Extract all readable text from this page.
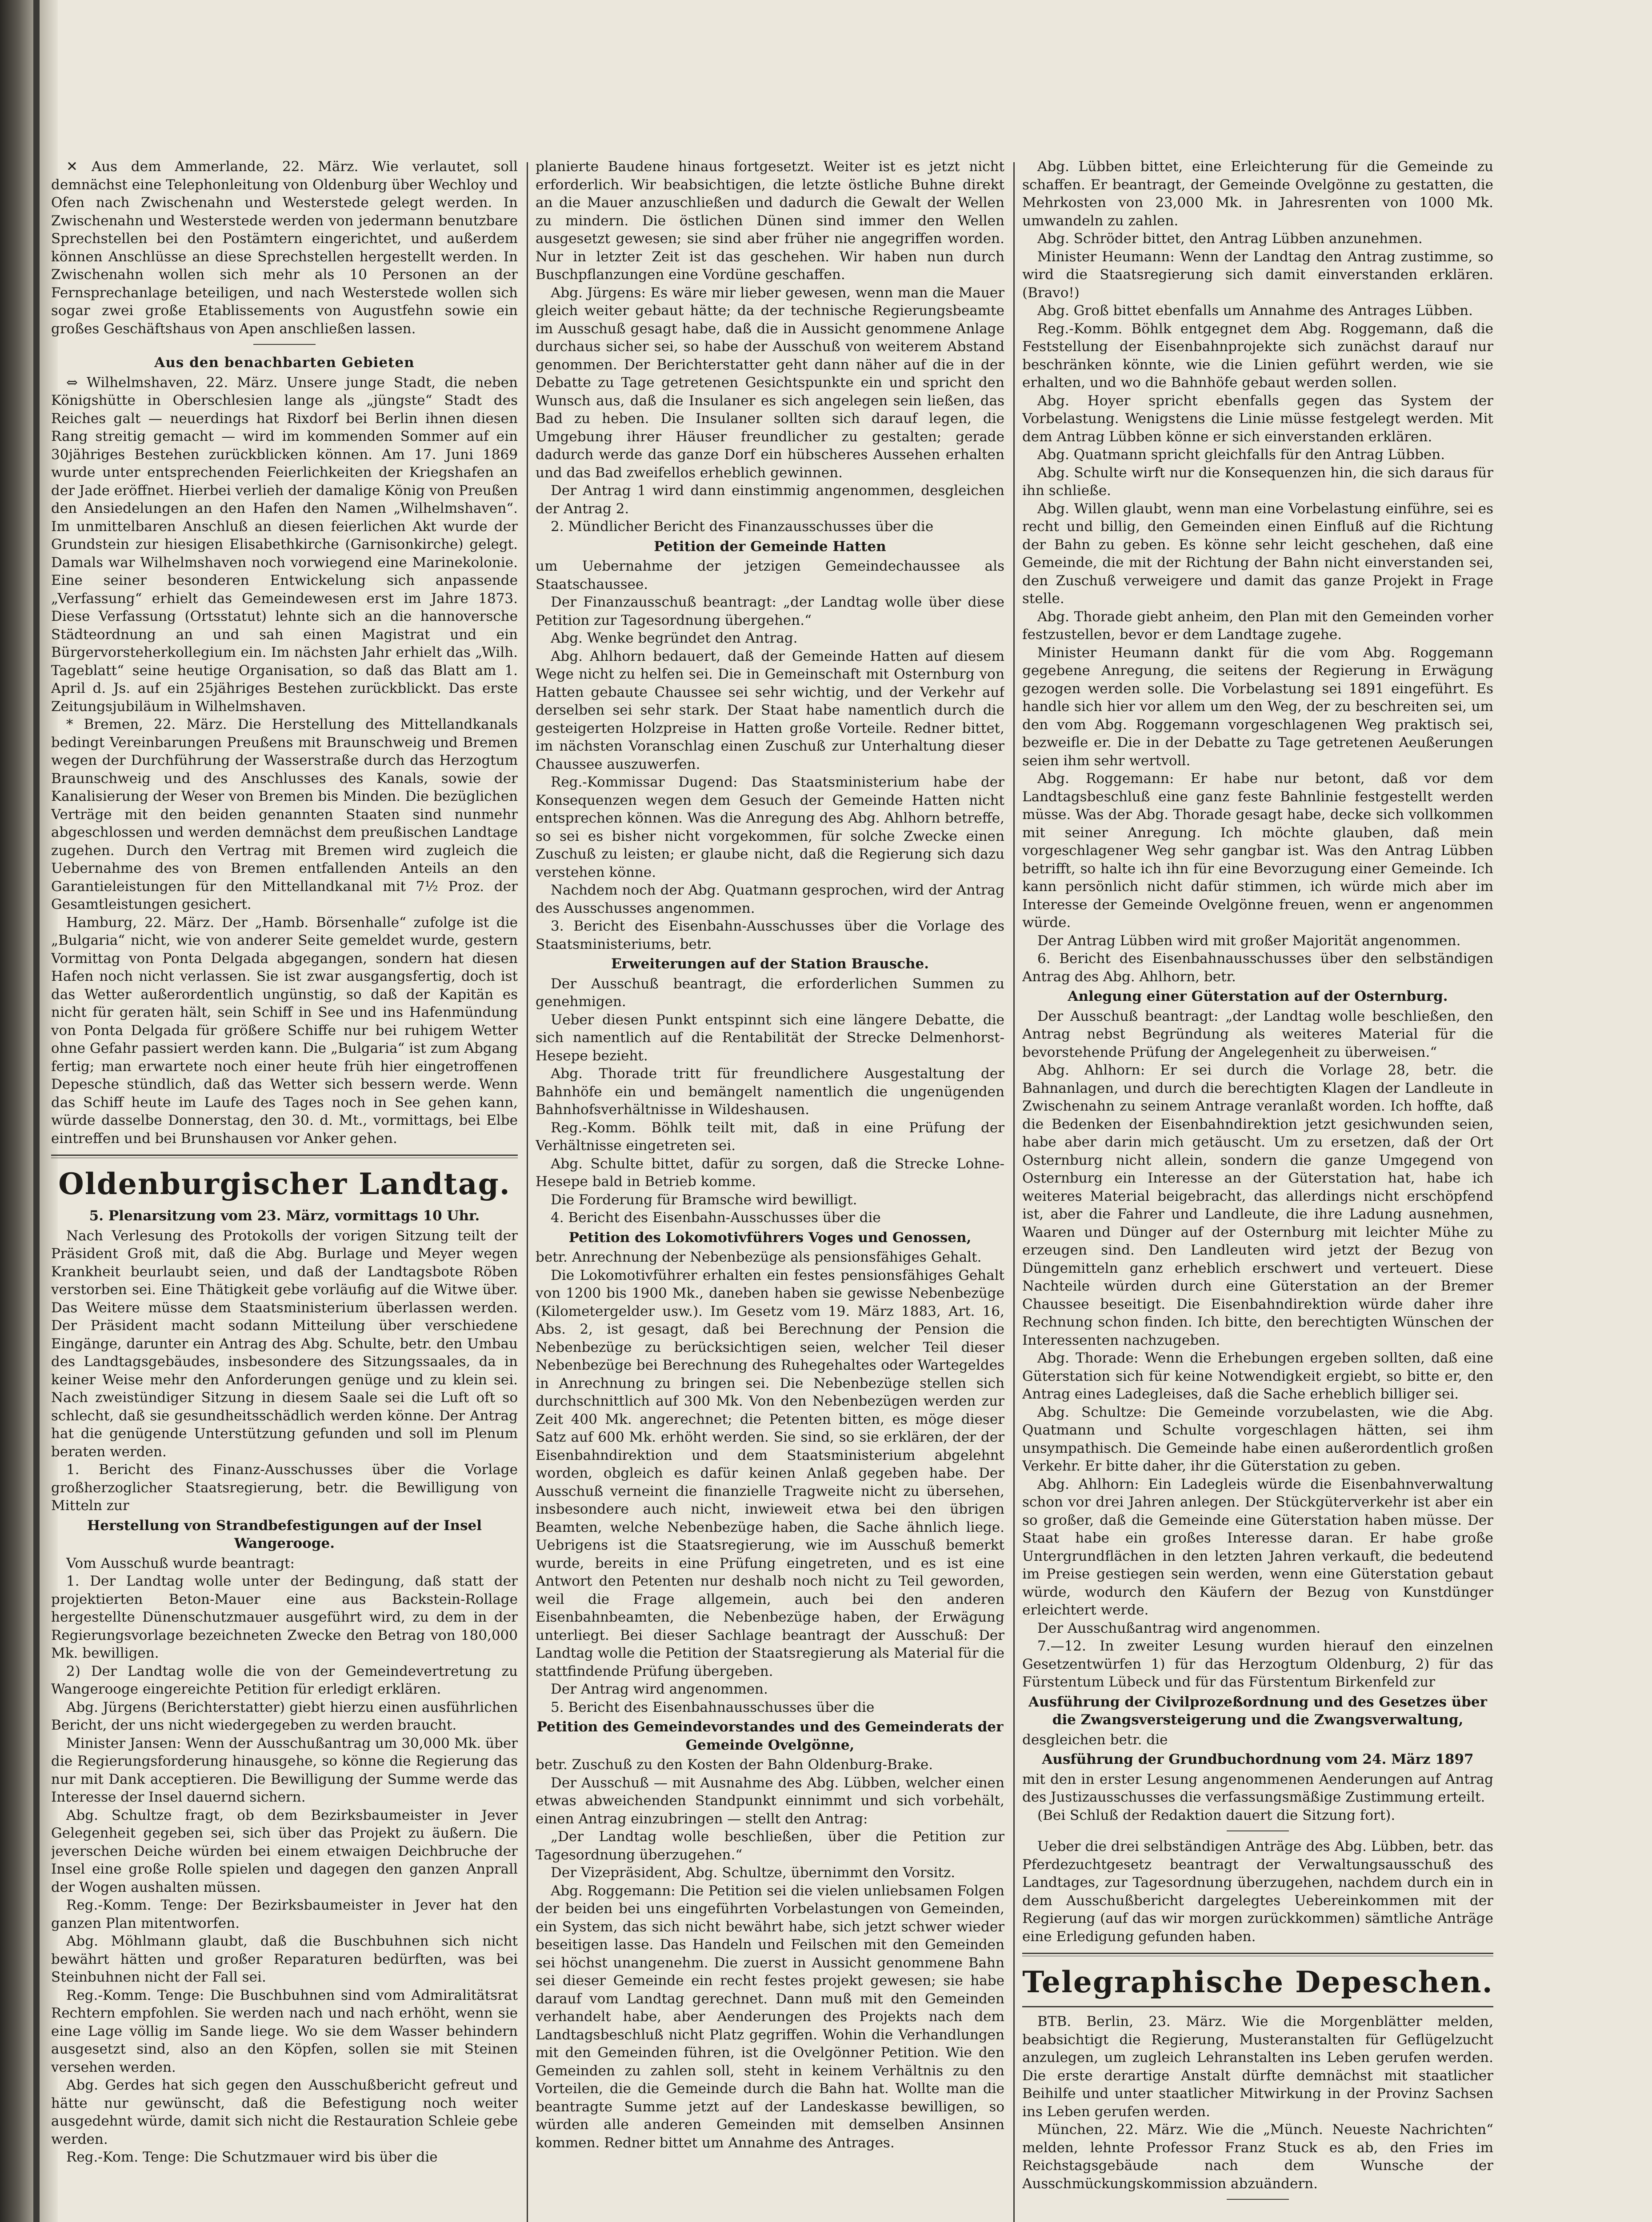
✕ Aus dem Ammerlande, 22. März. Wie verlautet, soll demnächst eine Telephonleitung von Oldenburg über Wechloy und Ofen nach Zwischenahn und Westerstede gelegt werden. In Zwischenahn und Westerstede werden von jedermann benutzbare Sprechstellen bei den Postämtern eingerichtet, und außerdem können Anschlüsse an diese Sprechstellen hergestellt werden. In Zwischenahn wollen sich mehr als 10 Personen an der Fernsprechanlage beteiligen, und nach Westerstede wollen sich sogar zwei große Etablissements von Augustfehn sowie ein großes Geschäftshaus von Apen anschließen lassen.

Aus den benachbarten Gebieten

⇔ Wilhelmshaven, 22. März. Unsere junge Stadt, die neben Königshütte in Oberschlesien lange als „jüngste“ Stadt des Reiches galt — neuerdings hat Rixdorf bei Berlin ihnen diesen Rang streitig gemacht — wird im kommenden Sommer auf ein 30jähriges Bestehen zurückblicken können. Am 17. Juni 1869 wurde unter entsprechenden Feierlichkeiten der Kriegshafen an der Jade eröffnet. Hierbei verlieh der damalige König von Preußen den Ansiedelungen an den Hafen den Namen „Wilhelmshaven“. Im unmittelbaren Anschluß an diesen feierlichen Akt wurde der Grundstein zur hiesigen Elisabethkirche (Garnisonkirche) gelegt. Damals war Wilhelmshaven noch vorwiegend eine Marinekolonie. Eine seiner besonderen Entwickelung sich anpassende „Verfassung“ erhielt das Gemeindewesen erst im Jahre 1873. Diese Verfassung (Ortsstatut) lehnte sich an die hannoversche Städteordnung an und sah einen Magistrat und ein Bürgervorsteherkollegium ein. Im nächsten Jahr erhielt das „Wilh. Tageblatt“ seine heutige Organisation, so daß das Blatt am 1. April d. Js. auf ein 25jähriges Bestehen zurückblickt. Das erste Zeitungsjubiläum in Wilhelmshaven.

* Bremen, 22. März. Die Herstellung des Mittellandkanals bedingt Vereinbarungen Preußens mit Braunschweig und Bremen wegen der Durchführung der Wasserstraße durch das Herzogtum Braunschweig und des Anschlusses des Kanals, sowie der Kanalisierung der Weser von Bremen bis Minden. Die bezüglichen Verträge mit den beiden genannten Staaten sind nunmehr abgeschlossen und werden demnächst dem preußischen Landtage zugehen. Durch den Vertrag mit Bremen wird zugleich die Uebernahme des von Bremen entfallenden Anteils an den Garantieleistungen für den Mittellandkanal mit 7½ Proz. der Gesamtleistungen gesichert.

Hamburg, 22. März. Der „Hamb. Börsenhalle“ zufolge ist die „Bulgaria“ nicht, wie von anderer Seite gemeldet wurde, gestern Vormittag von Ponta Delgada abgegangen, sondern hat diesen Hafen noch nicht verlassen. Sie ist zwar ausgangsfertig, doch ist das Wetter außerordentlich ungünstig, so daß der Kapitän es nicht für geraten hält, sein Schiff in See und ins Hafenmündung von Ponta Delgada für größere Schiffe nur bei ruhigem Wetter ohne Gefahr passiert werden kann. Die „Bulgaria“ ist zum Abgang fertig; man erwartete noch einer heute früh hier eingetroffenen Depesche stündlich, daß das Wetter sich bessern werde. Wenn das Schiff heute im Laufe des Tages noch in See gehen kann, würde dasselbe Donnerstag, den 30. d. Mt., vormittags, bei Elbe eintreffen und bei Brunshausen vor Anker gehen.

Oldenburgischer Landtag.
5. Plenarsitzung vom 23. März, vormittags 10 Uhr.

Nach Verlesung des Protokolls der vorigen Sitzung teilt der Präsident Groß mit, daß die Abg. Burlage und Meyer wegen Krankheit beurlaubt seien, und daß der Landtagsbote Röben verstorben sei. Eine Thätigkeit gebe vorläufig auf die Witwe über. Das Weitere müsse dem Staatsministerium überlassen werden. Der Präsident macht sodann Mitteilung über verschiedene Eingänge, darunter ein Antrag des Abg. Schulte, betr. den Umbau des Landtagsgebäudes, insbesondere des Sitzungssaales, da in keiner Weise mehr den Anforderungen genüge und zu klein sei. Nach zweistündiger Sitzung in diesem Saale sei die Luft oft so schlecht, daß sie gesundheitsschädlich werden könne. Der Antrag hat die genügende Unterstützung gefunden und soll im Plenum beraten werden.

1. Bericht des Finanz-Ausschusses über die Vorlage großherzoglicher Staatsregierung, betr. die Bewilligung von Mitteln zur

Herstellung von Strandbefestigungen auf der Insel Wangerooge.

Vom Ausschuß wurde beantragt:

1. Der Landtag wolle unter der Bedingung, daß statt der projektierten Beton-Mauer eine aus Backstein-Rollage hergestellte Dünenschutzmauer ausgeführt wird, zu dem in der Regierungsvorlage bezeichneten Zwecke den Betrag von 180,000 Mk. bewilligen.

2) Der Landtag wolle die von der Gemeindevertretung zu Wangerooge eingereichte Petition für erledigt erklären.

Abg. Jürgens (Berichterstatter) giebt hierzu einen ausführlichen Bericht, der uns nicht wiedergegeben zu werden braucht.

Minister Jansen: Wenn der Ausschußantrag um 30,000 Mk. über die Regierungsforderung hinausgehe, so könne die Regierung das nur mit Dank acceptieren. Die Bewilligung der Summe werde das Interesse der Insel dauernd sichern.

Abg. Schultze fragt, ob dem Bezirksbaumeister in Jever Gelegenheit gegeben sei, sich über das Projekt zu äußern. Die jeverschen Deiche würden bei einem etwaigen Deichbruche der Insel eine große Rolle spielen und dagegen den ganzen Anprall der Wogen aushalten müssen.

Reg.-Komm. Tenge: Der Bezirksbaumeister in Jever hat den ganzen Plan mitentworfen.

Abg. Möhlmann glaubt, daß die Buschbuhnen sich nicht bewährt hätten und großer Reparaturen bedürften, was bei Steinbuhnen nicht der Fall sei.

Reg.-Komm. Tenge: Die Buschbuhnen sind vom Admiralitätsrat Rechtern empfohlen. Sie werden nach und nach erhöht, wenn sie eine Lage völlig im Sande liege. Wo sie dem Wasser behindern ausgesetzt sind, also an den Köpfen, sollen sie mit Steinen versehen werden.

Abg. Gerdes hat sich gegen den Ausschußbericht gefreut und hätte nur gewünscht, daß die Befestigung noch weiter ausgedehnt würde, damit sich nicht die Restauration Schleie gebe werden.

Reg.-Kom. Tenge: Die Schutzmauer wird bis über die

planierte Baudene hinaus fortgesetzt. Weiter ist es jetzt nicht erforderlich. Wir beabsichtigen, die letzte östliche Buhne direkt an die Mauer anzuschließen und dadurch die Gewalt der Wellen zu mindern. Die östlichen Dünen sind immer den Wellen ausgesetzt gewesen; sie sind aber früher nie angegriffen worden. Nur in letzter Zeit ist das geschehen. Wir haben nun durch Buschpflanzungen eine Vordüne geschaffen.

Abg. Jürgens: Es wäre mir lieber gewesen, wenn man die Mauer gleich weiter gebaut hätte; da der technische Regierungsbeamte im Ausschuß gesagt habe, daß die in Aussicht genommene Anlage durchaus sicher sei, so habe der Ausschuß von weiterem Abstand genommen. Der Berichterstatter geht dann näher auf die in der Debatte zu Tage getretenen Gesichtspunkte ein und spricht den Wunsch aus, daß die Insulaner es sich angelegen sein ließen, das Bad zu heben. Die Insulaner sollten sich darauf legen, die Umgebung ihrer Häuser freundlicher zu gestalten; gerade dadurch werde das ganze Dorf ein hübscheres Aussehen erhalten und das Bad zweifellos erheblich gewinnen.

Der Antrag 1 wird dann einstimmig angenommen, desgleichen der Antrag 2.

2. Mündlicher Bericht des Finanzausschusses über die

Petition der Gemeinde Hatten

um Uebernahme der jetzigen Gemeindechaussee als Staatschaussee.

Der Finanzausschuß beantragt: „der Landtag wolle über diese Petition zur Tagesordnung übergehen.“

Abg. Wenke begründet den Antrag.

Abg. Ahlhorn bedauert, daß der Gemeinde Hatten auf diesem Wege nicht zu helfen sei. Die in Gemeinschaft mit Osternburg von Hatten gebaute Chaussee sei sehr wichtig, und der Verkehr auf derselben sei sehr stark. Der Staat habe namentlich durch die gesteigerten Holzpreise in Hatten große Vorteile. Redner bittet, im nächsten Voranschlag einen Zuschuß zur Unterhaltung dieser Chaussee auszuwerfen.

Reg.-Kommissar Dugend: Das Staatsministerium habe der Konsequenzen wegen dem Gesuch der Gemeinde Hatten nicht entsprechen können. Was die Anregung des Abg. Ahlhorn betreffe, so sei es bisher nicht vorgekommen, für solche Zwecke einen Zuschuß zu leisten; er glaube nicht, daß die Regierung sich dazu verstehen könne.

Nachdem noch der Abg. Quatmann gesprochen, wird der Antrag des Ausschusses angenommen.

3. Bericht des Eisenbahn-Ausschusses über die Vorlage des Staatsministeriums, betr.

Erweiterungen auf der Station Brausche.

Der Ausschuß beantragt, die erforderlichen Summen zu genehmigen.

Ueber diesen Punkt entspinnt sich eine längere Debatte, die sich namentlich auf die Rentabilität der Strecke Delmenhorst-Hesepe bezieht.

Abg. Thorade tritt für freundlichere Ausgestaltung der Bahnhöfe ein und bemängelt namentlich die ungenügenden Bahnhofsverhältnisse in Wildeshausen.

Reg.-Komm. Böhlk teilt mit, daß in eine Prüfung der Verhältnisse eingetreten sei.

Abg. Schulte bittet, dafür zu sorgen, daß die Strecke Lohne-Hesepe bald in Betrieb komme.

Die Forderung für Bramsche wird bewilligt.

4. Bericht des Eisenbahn-Ausschusses über die

Petition des Lokomotivführers Voges und Genossen,

betr. Anrechnung der Nebenbezüge als pensionsfähiges Gehalt.

Die Lokomotivführer erhalten ein festes pensionsfähiges Gehalt von 1200 bis 1900 Mk., daneben haben sie gewisse Nebenbezüge (Kilometergelder usw.). Im Gesetz vom 19. März 1883, Art. 16, Abs. 2, ist gesagt, daß bei Berechnung der Pension die Nebenbezüge zu berücksichtigen seien, welcher Teil dieser Nebenbezüge bei Berechnung des Ruhegehaltes oder Wartegeldes in Anrechnung zu bringen sei. Die Nebenbezüge stellen sich durchschnittlich auf 300 Mk. Von den Nebenbezügen werden zur Zeit 400 Mk. angerechnet; die Petenten bitten, es möge dieser Satz auf 600 Mk. erhöht werden. Sie sind, so sie erklären, der der Eisenbahndirektion und dem Staatsministerium abgelehnt worden, obgleich es dafür keinen Anlaß gegeben habe. Der Ausschuß verneint die finanzielle Tragweite nicht zu übersehen, insbesondere auch nicht, inwieweit etwa bei den übrigen Beamten, welche Nebenbezüge haben, die Sache ähnlich liege. Uebrigens ist die Staatsregierung, wie im Ausschuß bemerkt wurde, bereits in eine Prüfung eingetreten, und es ist eine Antwort den Petenten nur deshalb noch nicht zu Teil geworden, weil die Frage allgemein, auch bei den anderen Eisenbahnbeamten, die Nebenbezüge haben, der Erwägung unterliegt. Bei dieser Sachlage beantragt der Ausschuß: Der Landtag wolle die Petition der Staatsregierung als Material für die stattfindende Prüfung übergeben.

Der Antrag wird angenommen.

5. Bericht des Eisenbahnausschusses über die

Petition des Gemeindevorstandes und des Gemeinderats der Gemeinde Ovelgönne,

betr. Zuschuß zu den Kosten der Bahn Oldenburg-Brake.

Der Ausschuß — mit Ausnahme des Abg. Lübben, welcher einen etwas abweichenden Standpunkt einnimmt und sich vorbehält, einen Antrag einzubringen — stellt den Antrag:

„Der Landtag wolle beschließen, über die Petition zur Tagesordnung überzugehen.“

Der Vizepräsident, Abg. Schultze, übernimmt den Vorsitz.

Abg. Roggemann: Die Petition sei die vielen unliebsamen Folgen der beiden bei uns eingeführten Vorbelastungen von Gemeinden, ein System, das sich nicht bewährt habe, sich jetzt schwer wieder beseitigen lasse. Das Handeln und Feilschen mit den Gemeinden sei höchst unangenehm. Die zuerst in Aussicht genommene Bahn sei dieser Gemeinde ein recht festes projekt gewesen; sie habe darauf vom Landtag gerechnet. Dann muß mit den Gemeinden verhandelt habe, aber Aenderungen des Projekts nach dem Landtagsbeschluß nicht Platz gegriffen. Wohin die Verhandlungen mit den Gemeinden führen, ist die Ovelgönner Petition. Wie den Gemeinden zu zahlen soll, steht in keinem Verhältnis zu den Vorteilen, die die Gemeinde durch die Bahn hat. Wollte man die beantragte Summe jetzt auf der Landeskasse bewilligen, so würden alle anderen Gemeinden mit demselben Ansinnen kommen. Redner bittet um Annahme des Antrages.

Abg. Lübben bittet, eine Erleichterung für die Gemeinde zu schaffen. Er beantragt, der Gemeinde Ovelgönne zu gestatten, die Mehrkosten von 23,000 Mk. in Jahresrenten von 1000 Mk. umwandeln zu zahlen.

Abg. Schröder bittet, den Antrag Lübben anzunehmen.

Minister Heumann: Wenn der Landtag den Antrag zustimme, so wird die Staatsregierung sich damit einverstanden erklären. (Bravo!)

Abg. Groß bittet ebenfalls um Annahme des Antrages Lübben.

Reg.-Komm. Böhlk entgegnet dem Abg. Roggemann, daß die Feststellung der Eisenbahnprojekte sich zunächst darauf nur beschränken könnte, wie die Linien geführt werden, wie sie erhalten, und wo die Bahnhöfe gebaut werden sollen.

Abg. Hoyer spricht ebenfalls gegen das System der Vorbelastung. Wenigstens die Linie müsse festgelegt werden. Mit dem Antrag Lübben könne er sich einverstanden erklären.

Abg. Quatmann spricht gleichfalls für den Antrag Lübben.

Abg. Schulte wirft nur die Konsequenzen hin, die sich daraus für ihn schließe.

Abg. Willen glaubt, wenn man eine Vorbelastung einführe, sei es recht und billig, den Gemeinden einen Einfluß auf die Richtung der Bahn zu geben. Es könne sehr leicht geschehen, daß eine Gemeinde, die mit der Richtung der Bahn nicht einverstanden sei, den Zuschuß verweigere und damit das ganze Projekt in Frage stelle.

Abg. Thorade giebt anheim, den Plan mit den Gemeinden vorher festzustellen, bevor er dem Landtage zugehe.

Minister Heumann dankt für die vom Abg. Roggemann gegebene Anregung, die seitens der Regierung in Erwägung gezogen werden solle. Die Vorbelastung sei 1891 eingeführt. Es handle sich hier vor allem um den Weg, der zu beschreiten sei, um den vom Abg. Roggemann vorgeschlagenen Weg praktisch sei, bezweifle er. Die in der Debatte zu Tage getretenen Aeußerungen seien ihm sehr wertvoll.

Abg. Roggemann: Er habe nur betont, daß vor dem Landtagsbeschluß eine ganz feste Bahnlinie festgestellt werden müsse. Was der Abg. Thorade gesagt habe, decke sich vollkommen mit seiner Anregung. Ich möchte glauben, daß mein vorgeschlagener Weg sehr gangbar ist. Was den Antrag Lübben betrifft, so halte ich ihn für eine Bevorzugung einer Gemeinde. Ich kann persönlich nicht dafür stimmen, ich würde mich aber im Interesse der Gemeinde Ovelgönne freuen, wenn er angenommen würde.

Der Antrag Lübben wird mit großer Majorität angenommen.

6. Bericht des Eisenbahnausschusses über den selbständigen Antrag des Abg. Ahlhorn, betr.

Anlegung einer Güterstation auf der Osternburg.

Der Ausschuß beantragt: „der Landtag wolle beschließen, den Antrag nebst Begründung als weiteres Material für die bevorstehende Prüfung der Angelegenheit zu überweisen.“

Abg. Ahlhorn: Er sei durch die Vorlage 28, betr. die Bahnanlagen, und durch die berechtigten Klagen der Landleute in Zwischenahn zu seinem Antrage veranlaßt worden. Ich hoffte, daß die Bedenken der Eisenbahndirektion jetzt gesichwunden seien, habe aber darin mich getäuscht. Um zu ersetzen, daß der Ort Osternburg nicht allein, sondern die ganze Umgegend von Osternburg ein Interesse an der Güterstation hat, habe ich weiteres Material beigebracht, das allerdings nicht erschöpfend ist, aber die Fahrer und Landleute, die ihre Ladung ausnehmen, Waaren und Dünger auf der Osternburg mit leichter Mühe zu erzeugen sind. Den Landleuten wird jetzt der Bezug von Düngemitteln ganz erheblich erschwert und verteuert. Diese Nachteile würden durch eine Güterstation an der Bremer Chaussee beseitigt. Die Eisenbahndirektion würde daher ihre Rechnung schon finden. Ich bitte, den berechtigten Wünschen der Interessenten nachzugeben.

Abg. Thorade: Wenn die Erhebungen ergeben sollten, daß eine Güterstation sich für keine Notwendigkeit ergiebt, so bitte er, den Antrag eines Ladegleises, daß die Sache erheblich billiger sei.

Abg. Schultze: Die Gemeinde vorzubelasten, wie die Abg. Quatmann und Schulte vorgeschlagen hätten, sei ihm unsympathisch. Die Gemeinde habe einen außerordentlich großen Verkehr. Er bitte daher, ihr die Güterstation zu geben.

Abg. Ahlhorn: Ein Ladegleis würde die Eisenbahnverwaltung schon vor drei Jahren anlegen. Der Stückgüterverkehr ist aber ein so großer, daß die Gemeinde eine Güterstation haben müsse. Der Staat habe ein großes Interesse daran. Er habe große Untergrundflächen in den letzten Jahren verkauft, die bedeutend im Preise gestiegen sein werden, wenn eine Güterstation gebaut würde, wodurch den Käufern der Bezug von Kunstdünger erleichtert werde.

Der Ausschußantrag wird angenommen.

7.—12. In zweiter Lesung wurden hierauf den einzelnen Gesetzentwürfen 1) für das Herzogtum Oldenburg, 2) für das Fürstentum Lübeck und für das Fürstentum Birkenfeld zur

Ausführung der Civilprozeßordnung und des Gesetzes über die Zwangsversteigerung und die Zwangsverwaltung,

desgleichen betr. die

Ausführung der Grundbuchordnung vom 24. März 1897

mit den in erster Lesung angenommenen Aenderungen auf Antrag des Justizausschusses die verfassungsmäßige Zustimmung erteilt.

(Bei Schluß der Redaktion dauert die Sitzung fort).

Ueber die drei selbständigen Anträge des Abg. Lübben, betr. das Pferdezuchtgesetz beantragt der Verwaltungsausschuß des Landtages, zur Tagesordnung überzugehen, nachdem durch ein in dem Ausschußbericht dargelegtes Uebereinkommen mit der Regierung (auf das wir morgen zurückkommen) sämtliche Anträge eine Erledigung gefunden haben.

Telegraphische Depeschen.

BTB. Berlin, 23. März. Wie die Morgenblätter melden, beabsichtigt die Regierung, Musteranstalten für Geflügelzucht anzulegen, um zugleich Lehranstalten ins Leben gerufen werden. Die erste derartige Anstalt dürfte demnächst mit staatlicher Beihilfe und unter staatlicher Mitwirkung in der Provinz Sachsen ins Leben gerufen werden.

München, 22. März. Wie die „Münch. Neueste Nachrichten“ melden, lehnte Professor Franz Stuck es ab, den Fries im Reichstagsgebäude nach dem Wunsche der Ausschmückungskommission abzuändern.
